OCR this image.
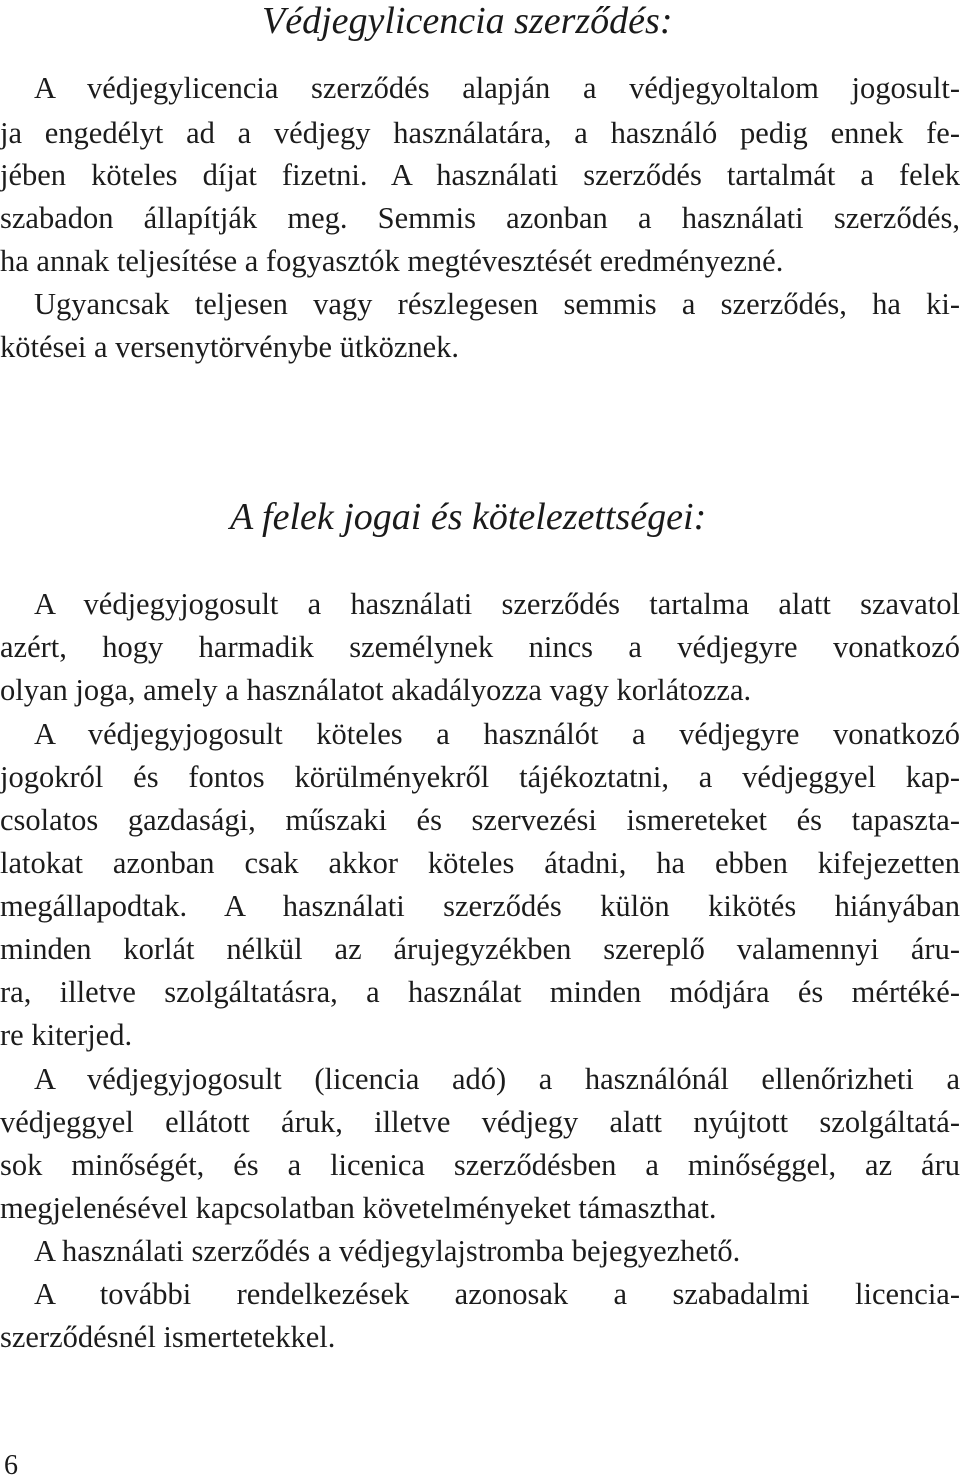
Védjegylicencia szerződés:
A védjegylicencia szerződés alapján a védjegyoltalom jogosult-
ja engedélyt ad a védjegy használatára, a használó pedig ennek fe-
jében köteles díjat fizetni. A használati szerződés tartalmát a felek
szabadon állapítják meg. Semmis azonban a használati szerződés,
ha annak teljesítése a fogyasztók megtévesztését eredményezné.
Ugyancsak teljesen vagy részlegesen semmis a szerződés, ha ki-
kötései a versenytörvénybe ütköznek.
A felek jogai és kötelezettségei:
A védjegyjogosult a használati szerződés tartalma alatt szavatol
azért, hogy harmadik személynek nincs a védjegyre vonatkozó
olyan joga, amely a használatot akadályozza vagy korlátozza.
A védjegyjogosult köteles a használót a védjegyre vonatkozó
jogokról és fontos körülményekről tájékoztatni, a védjeggyel kap-
csolatos gazdasági, műszaki és szervezési ismereteket és tapaszta-
latokat azonban csak akkor köteles átadni, ha ebben kifejezetten
megállapodtak. A használati szerződés külön kikötés hiányában
minden korlát nélkül az árujegyzékben szereplő valamennyi áru-
ra, illetve szolgáltatásra, a használat minden módjára és mértéké-
re kiterjed.
A védjegyjogosult (licencia adó) a használónál ellenőrizheti a
védjeggyel ellátott áruk, illetve védjegy alatt nyújtott szolgáltatá-
sok minőségét, és a licenica szerződésben a minőséggel, az áru
megjelenésével kapcsolatban követelményeket támaszthat.
A használati szerződés a védjegylajstromba bejegyezhető.
A további rendelkezések azonosak a szabadalmi licencia-
szerződésnél ismertetekkel.
6
